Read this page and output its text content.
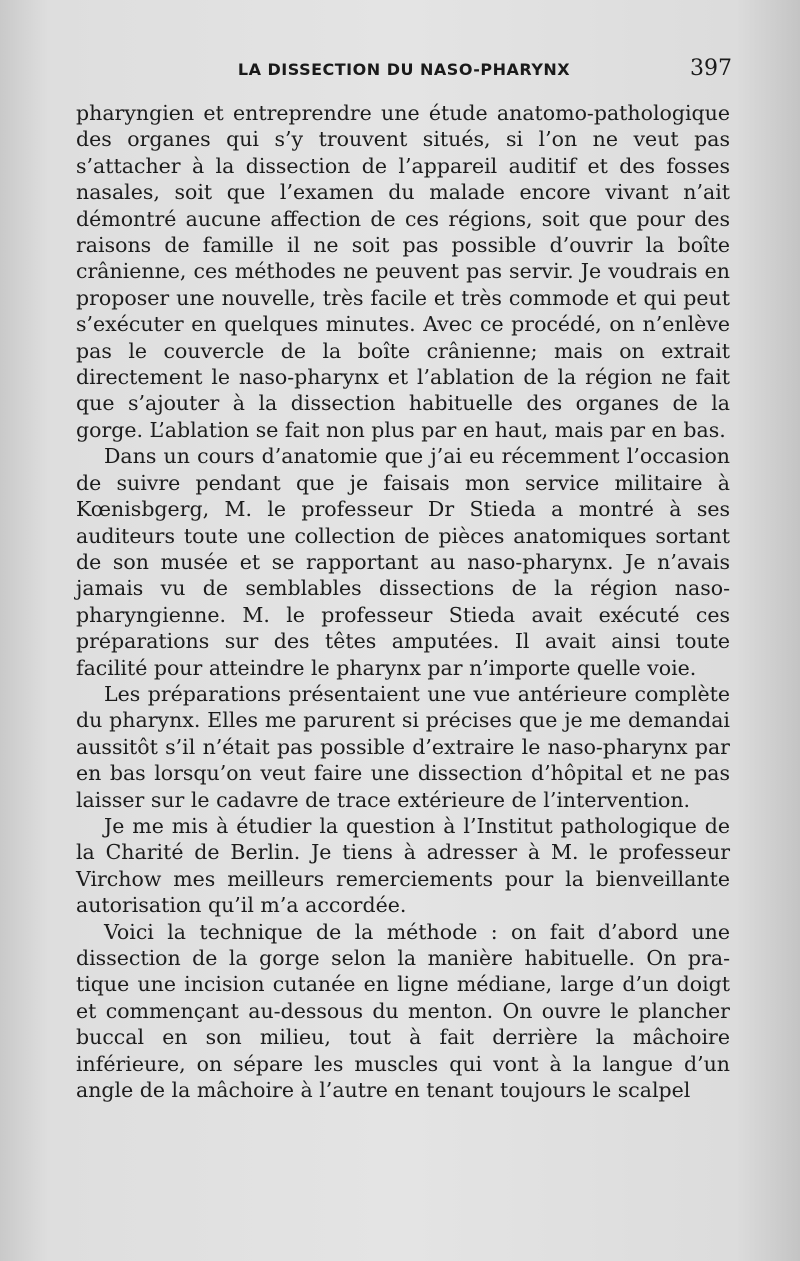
LA DISSECTION DU NASO-PHARYNX	397

pharyngien et entreprendre une étude anatomo-pathologique des organes qui s’y trouvent situés, si l’on ne veut pas s’attacher à la dissection de l’appareil auditif et des fosses nasales, soit que l’examen du malade encore vivant n’ait démontré aucune affection de ces régions, soit que pour des raisons de famille il ne soit pas possible d’ouvrir la boîte crânienne, ces méthodes ne peuvent pas servir. Je voudrais en proposer une nouvelle, très facile et très commode et qui peut s’exécuter en quelques minutes. Avec ce procédé, on n’enlève pas le couvercle de la boîte crânienne; mais on extrait directement le naso-pharynx et l’ablation de la région ne fait que s’ajouter à la dissection habituelle des organes de la gorge. L’ablation se fait non plus par en haut, mais par en bas.

Dans un cours d’anatomie que j’ai eu récemment l’occasion de suivre pendant que je faisais mon service militaire à Kœnisbgerg, M. le professeur Dr Stieda a montré à ses auditeurs toute une collection de pièces anatomiques sortant de son musée et se rapportant au naso-pharynx. Je n’avais jamais vu de semblables dissections de la région nasopharyngienne. M. le professeur Stieda avait exécuté ces préparations sur des têtes amputées. Il avait ainsi toute facilité pour atteindre le pharynx par n’importe quelle voie.

Les préparations présentaient une vue antérieure complète du pharynx. Elles me parurent si précises que je me demandai aussitôt s’il n’était pas possible d’extraire le naso-pharynx par en bas lorsqu’on veut faire une dissection d’hôpital et ne pas laisser sur le cadavre de trace extérieure de l’intervention.

Je me mis à étudier la question à l’Institut pathologique de la Charité de Berlin. Je tiens à adresser à M. le professeur Virchow mes meilleurs remerciements pour la bienveillante autorisation qu’il m’a accordée.

Voici la technique de la méthode : on fait d’abord une dissection de la gorge selon la manière habituelle. On pratique une incision cutanée en ligne médiane, large d’un doigt et commençant au-dessous du menton. On ouvre le plancher buccal en son milieu, tout à fait derrière la mâchoire inférieure, on sépare les muscles qui vont à la langue d’un angle de la mâchoire à l’autre en tenant toujours le scalpel
